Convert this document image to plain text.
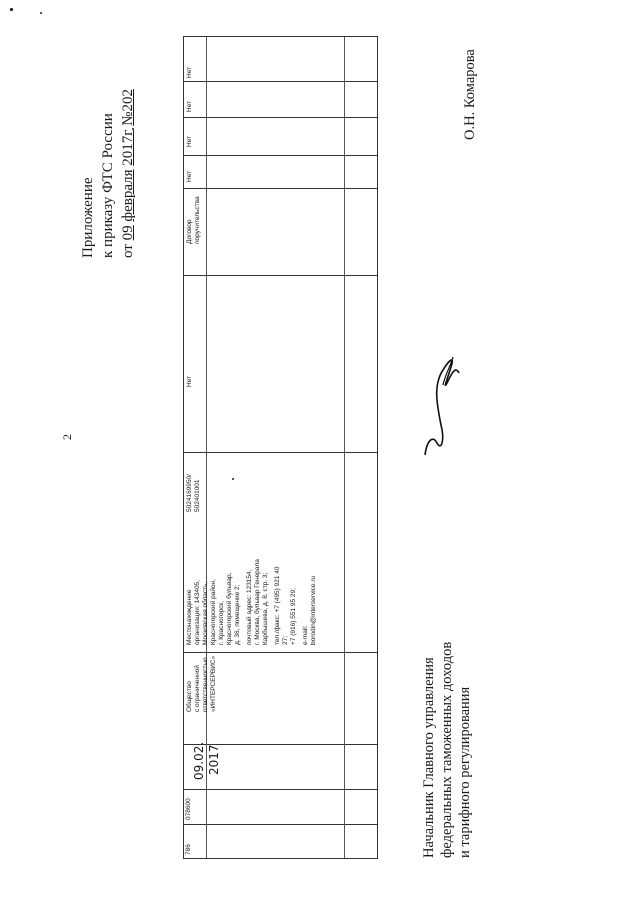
2
Приложение к приказу ФТС России от 09 февраля 2017г №202	О.Н. Комарова
Начальник Главного управления федеральных таможенных доходов и тарифного регулирования
786
078600
09.02. 2017
Общество с ограниченной ответственностью «ИНТЕРСЕРВИС»
Местонахождение организации: 143405, Московская область, Красногорский район, г. Красногорск, Красногорский бульвар, д. 36, помещение 2; почтовый адрес: 123154, г. Москва, бульвар Генерала Карбышева, д. 8, стр. 3; тел./факс: +7 (495) 921 40 27; +7 (916) 551 95 29; e-mail: borodin@interservice.ru
5024169950/ 502401001
Нет
Договор поручительства
Нет
Нет
Нет
Нет
